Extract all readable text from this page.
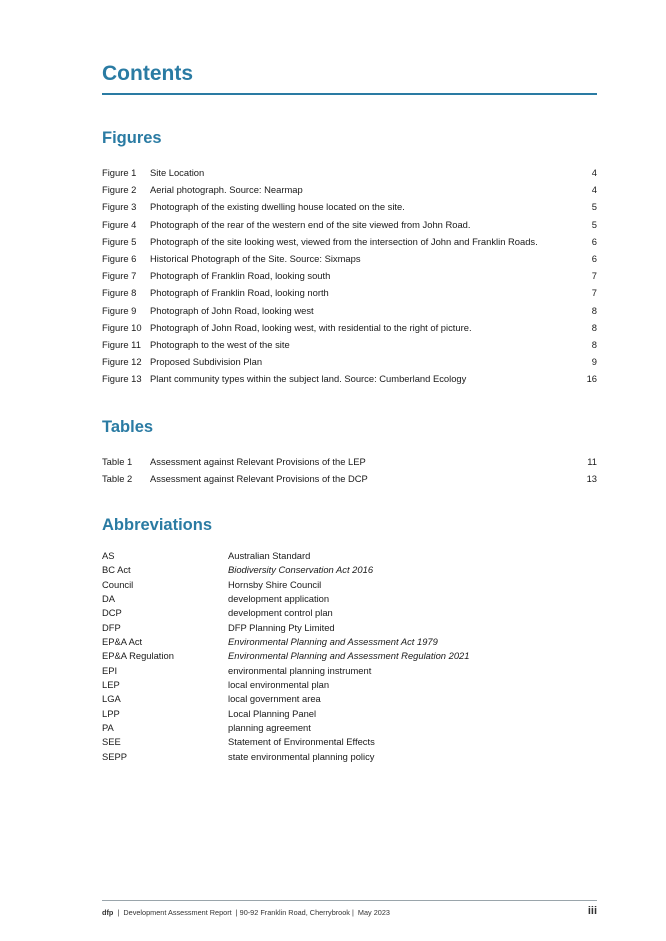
Contents
Figures
Figure 1 Site Location	4
Figure 2 Aerial photograph. Source: Nearmap	4
Figure 3 Photograph of the existing dwelling house located on the site.	5
Figure 4 Photograph of the rear of the western end of the site viewed from John Road.	5
Figure 5 Photograph of the site looking west, viewed from the intersection of John and Franklin Roads.	6
Figure 6 Historical Photograph of the Site. Source: Sixmaps	6
Figure 7 Photograph of Franklin Road, looking south	7
Figure 8 Photograph of Franklin Road, looking north	7
Figure 9 Photograph of John Road, looking west	8
Figure 10 Photograph of John Road, looking west, with residential to the right of picture.	8
Figure 11 Photograph to the west of the site	8
Figure 12 Proposed Subdivision Plan	9
Figure 13 Plant community types within the subject land. Source: Cumberland Ecology	16
Tables
Table 1 Assessment against Relevant Provisions of the LEP	11
Table 2 Assessment against Relevant Provisions of the DCP	13
Abbreviations
AS	Australian Standard
BC Act	Biodiversity Conservation Act 2016
Council	Hornsby Shire Council
DA	development application
DCP	development control plan
DFP	DFP Planning Pty Limited
EP&A Act	Environmental Planning and Assessment Act 1979
EP&A Regulation	Environmental Planning and Assessment Regulation 2021
EPI	environmental planning instrument
LEP	local environmental plan
LGA	local government area
LPP	Local Planning Panel
PA	planning agreement
SEE	Statement of Environmental Effects
SEPP	state environmental planning policy
dfp  |  Development Assessment Report  | 90-92 Franklin Road, Cherrybrook |  May 2023	iii
